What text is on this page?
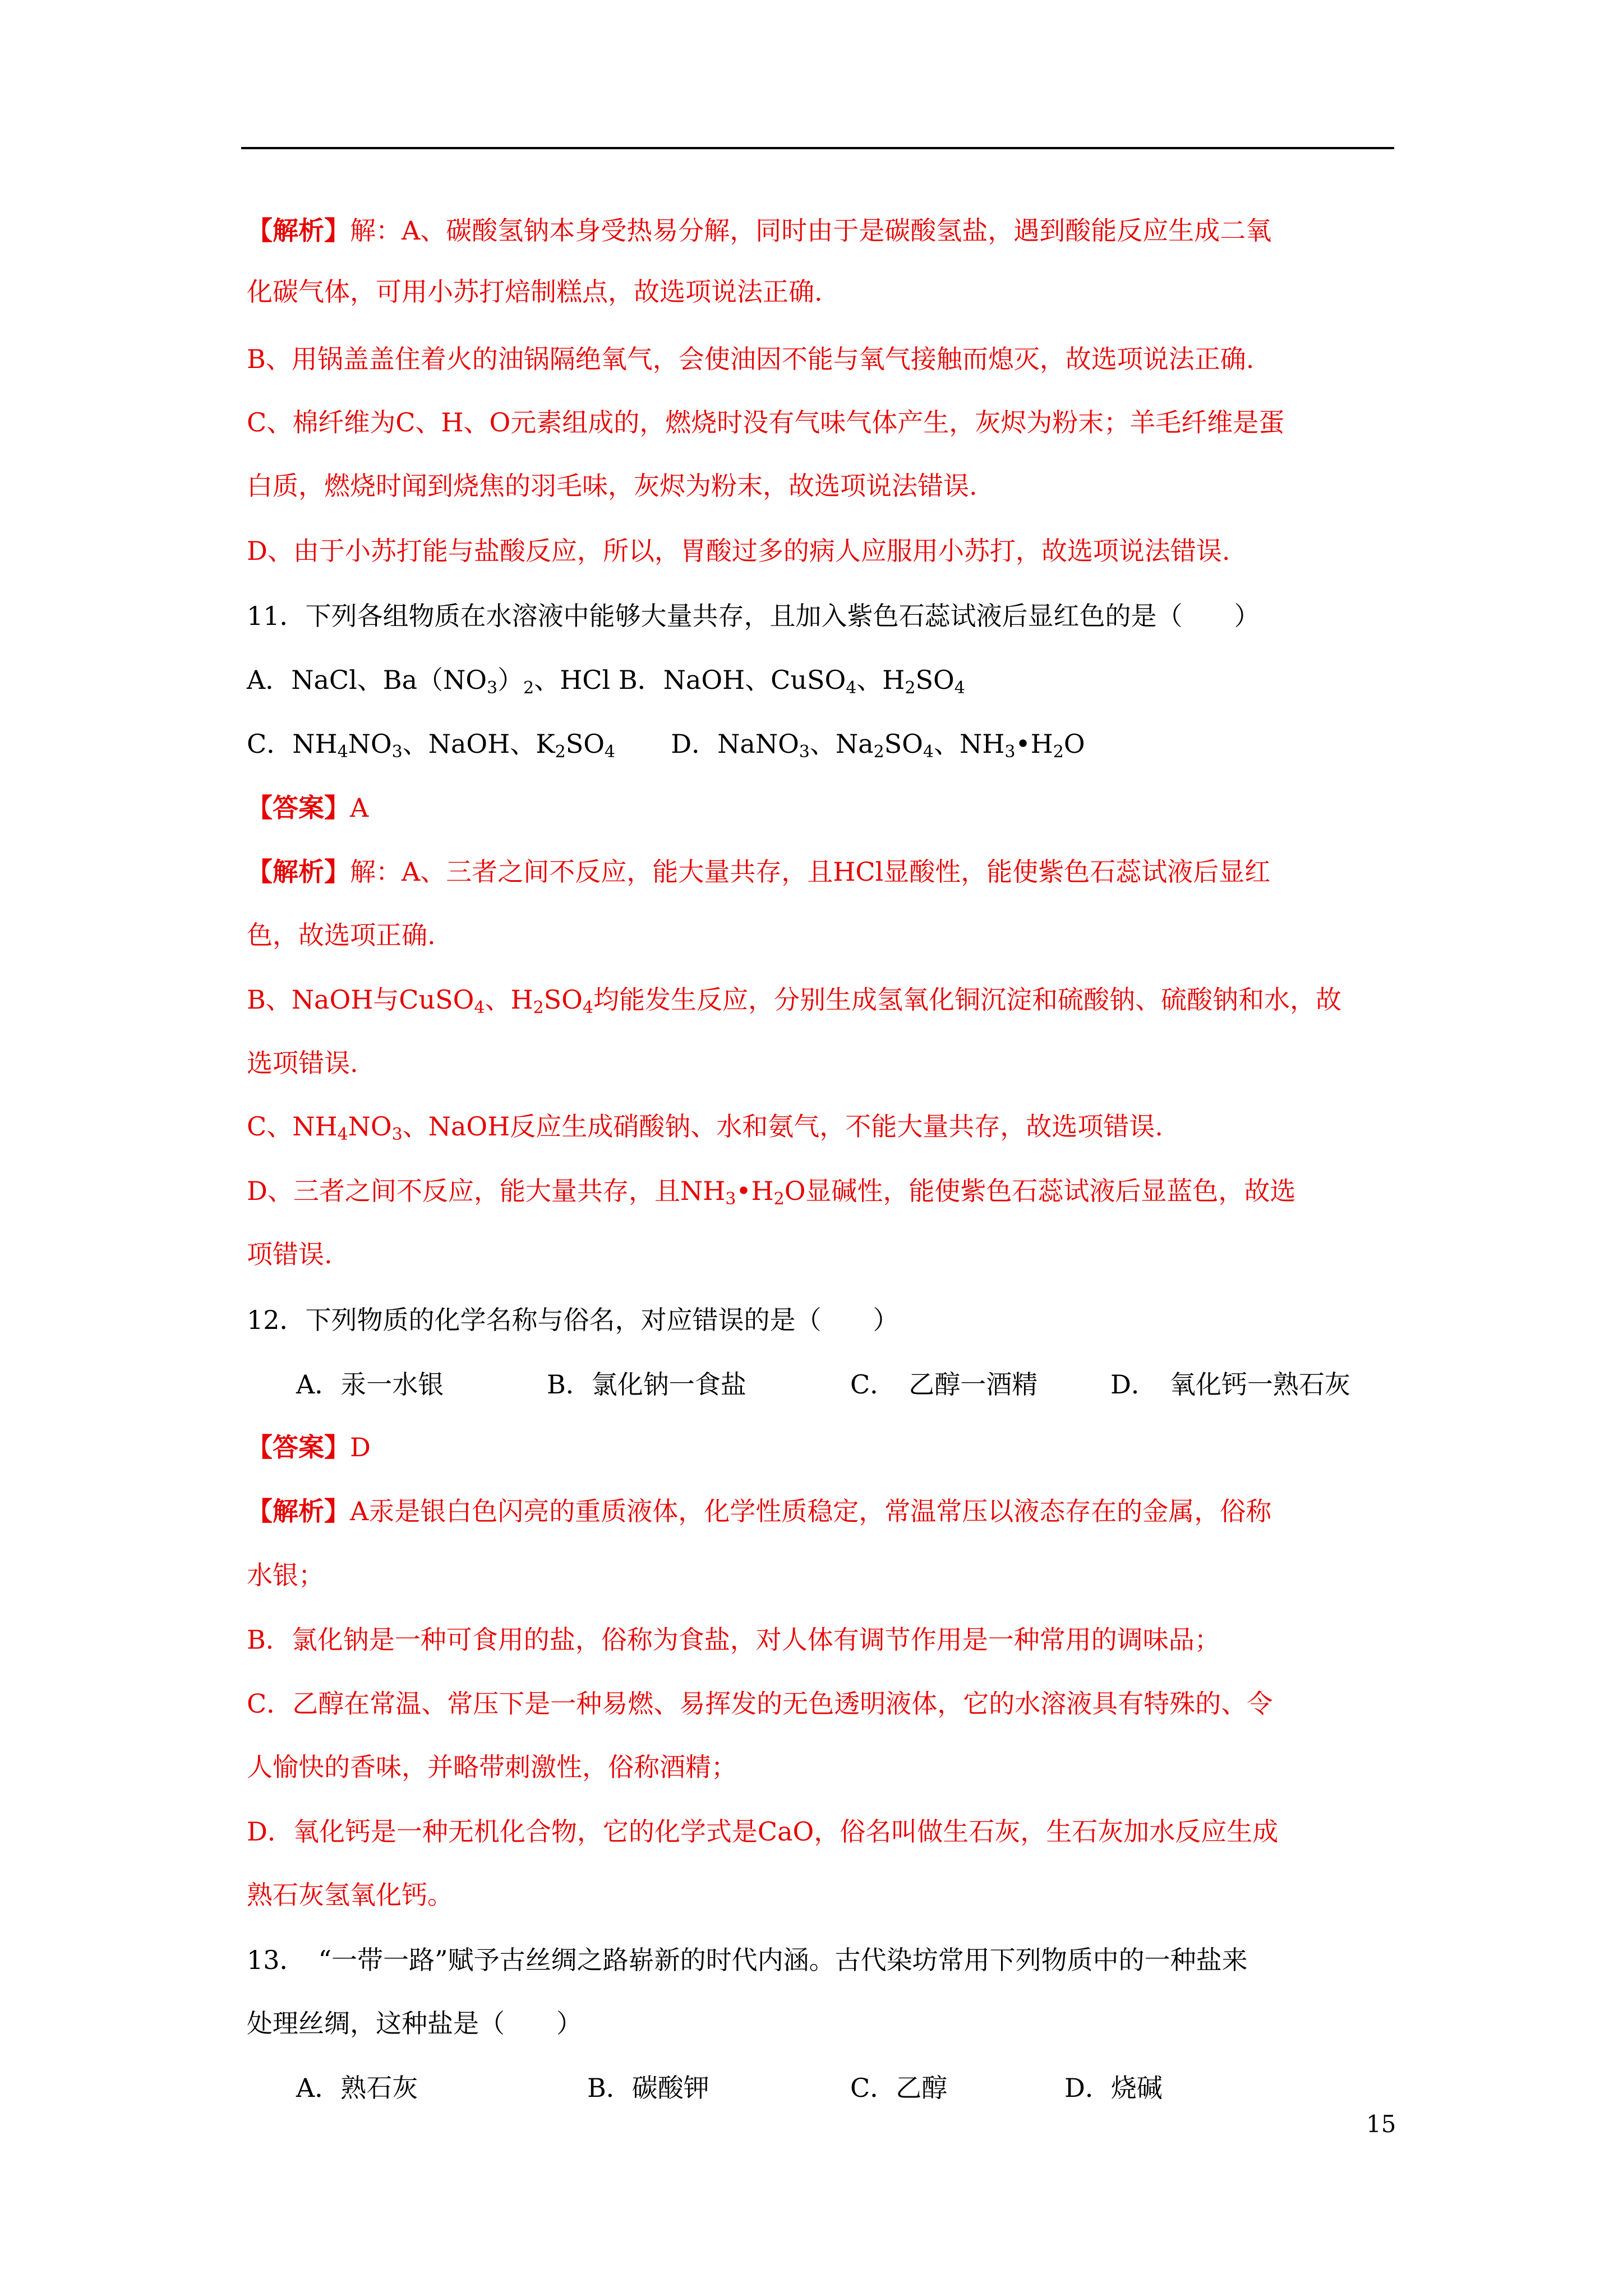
【解析】解：A、碳酸氢钠本身受热易分解，同时由于是碳酸氢盐，遇到酸能反应生成二氧
化碳气体，可用小苏打焙制糕点，故选项说法正确.
B、用锅盖盖住着火的油锅隔绝氧气，会使油因不能与氧气接触而熄灭，故选项说法正确.
C、棉纤维为C、H、O元素组成的，燃烧时没有气味气体产生，灰烬为粉末；羊毛纤维是蛋
白质，燃烧时闻到烧焦的羽毛味，灰烬为粉末，故选项说法错误.
D、由于小苏打能与盐酸反应，所以，胃酸过多的病人应服用小苏打，故选项说法错误.
11．下列各组物质在水溶液中能够大量共存，且加入紫色石蕊试液后显红色的是（　　）
A．NaCl、$Ba(NO_3)_2$、HCl B．NaOH、CuSO$_4$、$H_2SO_4$
C．$NH_4NO_3$、NaOH、$K_2SO_4$ D．NaNO$_3$、$Na_2SO_4$、$NH_3•H_2O$
【答案】A
【解析】解：A、三者之间不反应，能大量共存，且HCl显酸性，能使紫色石蕊试液后显红
色，故选项正确.
B、NaOH与CuSO$_4$、$H_2SO_4$均能发生反应，分别生成氢氧化铜沉淀和硫酸钠、硫酸钠和水，故
选项错误.
C、$NH_4NO_3$、NaOH反应生成硝酸钠、水和氨气，不能大量共存，故选项错误.
D、三者之间不反应，能大量共存，且$NH_3•H_2O$显碱性，能使紫色石蕊试液后显蓝色，故选
项错误.
12．下列物质的化学名称与俗名，对应错误的是（　　）
A．汞一水银	B．氯化钠一食盐	C．　乙醇一酒精	D．　氧化钙一熟石灰
【答案】D
【解析】A汞是银白色闪亮的重质液体，化学性质稳定，常温常压以液态存在的金属，俗称
水银；
B．氯化钠是一种可食用的盐，俗称为食盐，对人体有调节作用是一种常用的调味品；
C．乙醇在常温、常压下是一种易燃、易挥发的无色透明液体，它的水溶液具有特殊的、令
人愉快的香味，并略带刺激性，俗称酒精；
D．氧化钙是一种无机化合物，它的化学式是CaO，俗名叫做生石灰，生石灰加水反应生成
熟石灰氢氧化钙。
13．　“一带一路”赋予古丝绸之路崭新的时代内涵。古代染坊常用下列物质中的一种盐来
处理丝绸，这种盐是（　　）
A．熟石灰	B．碳酸钾	C．乙醇	D．烧碱
15
